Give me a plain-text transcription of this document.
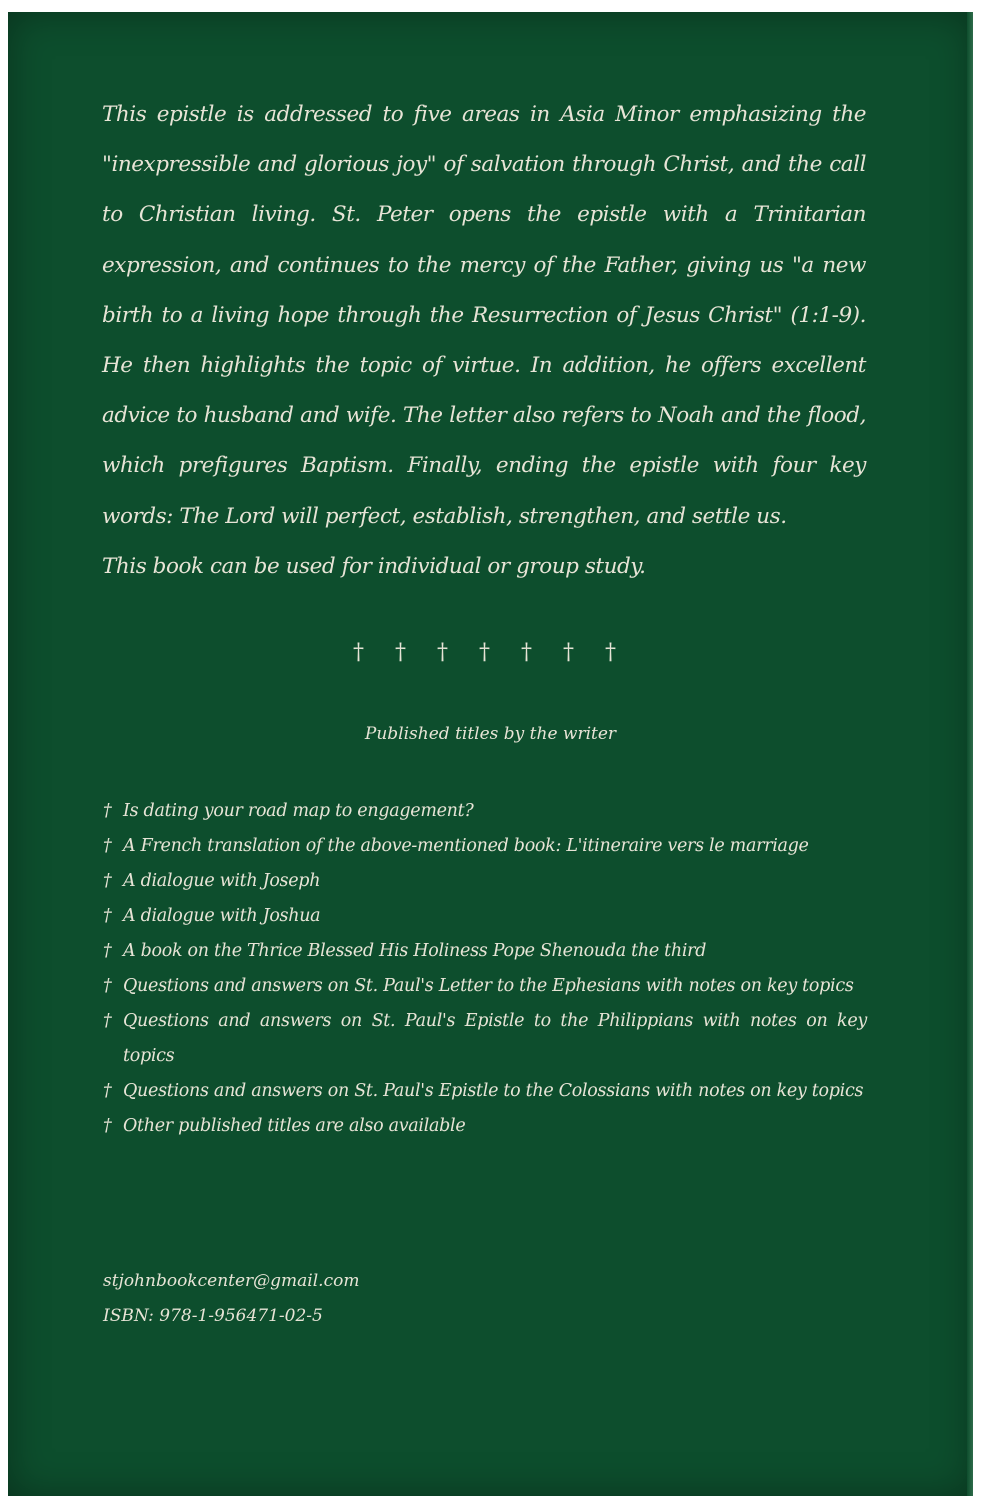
This epistle is addressed to five areas in Asia Minor emphasizing the "inexpressible and glorious joy" of salvation through Christ, and the call to Christian living. St. Peter opens the epistle with a Trinitarian expression, and continues to the mercy of the Father, giving us "a new birth to a living hope through the Resurrection of Jesus Christ" (1:1-9). He then highlights the topic of virtue. In addition, he offers excellent advice to husband and wife. The letter also refers to Noah and the flood, which prefigures Baptism. Finally, ending the epistle with four key words: The Lord will perfect, establish, strengthen, and settle us.

This book can be used for individual or group study.

† † † † † † †
Published titles by the writer
† Is dating your road map to engagement?
† A French translation of the above-mentioned book: L'itineraire vers le marriage
† A dialogue with Joseph
† A dialogue with Joshua
† A book on the Thrice Blessed His Holiness Pope Shenouda the third
† Questions and answers on St. Paul's Letter to the Ephesians with notes on key topics
† Questions and answers on St. Paul's Epistle to the Philippians with notes on key topics
† Questions and answers on St. Paul's Epistle to the Colossians with notes on key topics
† Other published titles are also available
stjohnbookcenter@gmail.com
ISBN: 978-1-956471-02-5
